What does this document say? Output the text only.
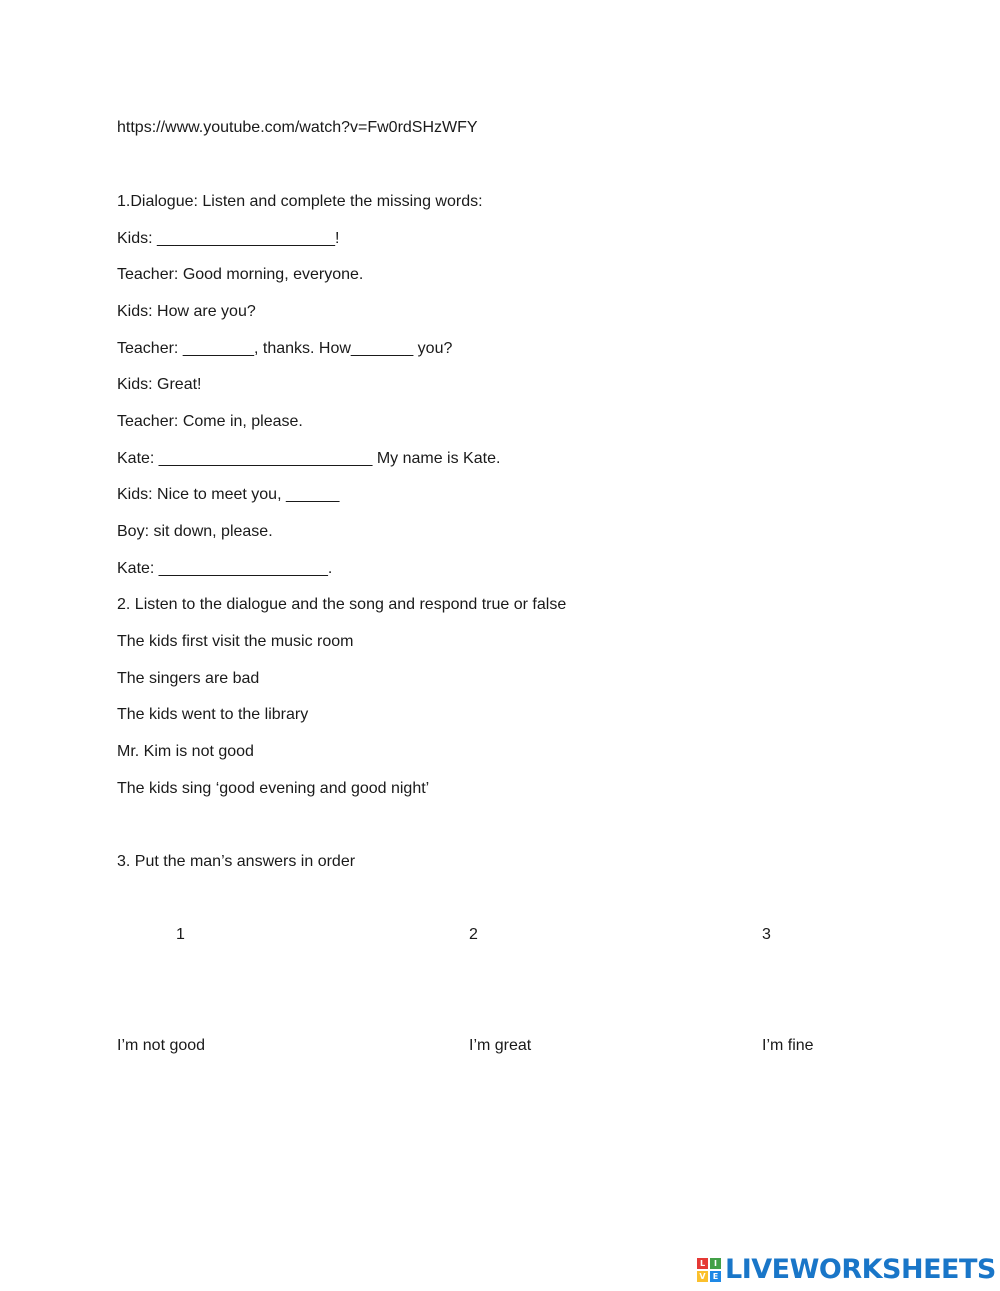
https://www.youtube.com/watch?v=Fw0rdSHzWFY
1.Dialogue: Listen and complete the missing words:
Kids: ____________________!
Teacher: Good morning, everyone.
Kids: How are you?
Teacher: ________, thanks. How_______ you?
Kids: Great!
Teacher: Come in, please.
Kate: ________________________ My name is Kate.
Kids: Nice to meet you, ______
Boy: sit down, please.
Kate: ___________________.
2. Listen to the dialogue and the song and respond true or false
The kids first visit the music room
The singers are bad
The kids went to the library
Mr. Kim is not good
The kids sing ‘good evening and good night’
3. Put the man’s answers in order
1	2	3
I’m not good	I’m great	I’m fine
L	I
V E LIVEWORKSHEETS
